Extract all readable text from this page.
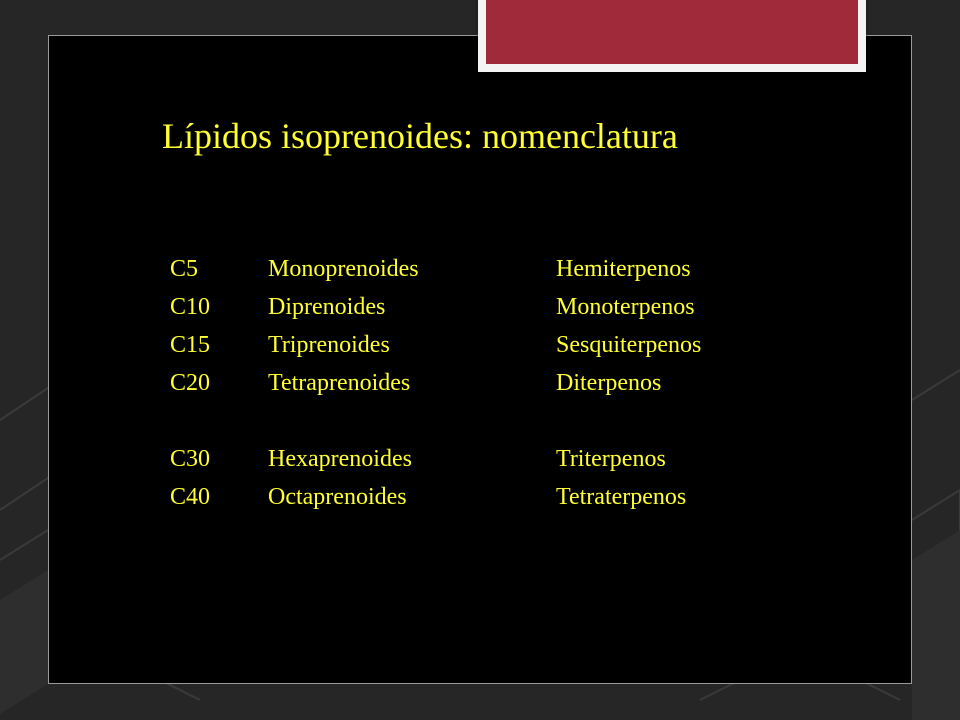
Lípidos isoprenoides: nomenclatura
C5	Monoprenoides	Hemiterpenos
C10 Diprenoides	Monoterpenos
C15 Triprenoides	Sesquiterpenos
C20 Tetraprenoides	Diterpenos
C30 Hexaprenoides	Triterpenos
C40 Octaprenoides	Tetraterpenos
